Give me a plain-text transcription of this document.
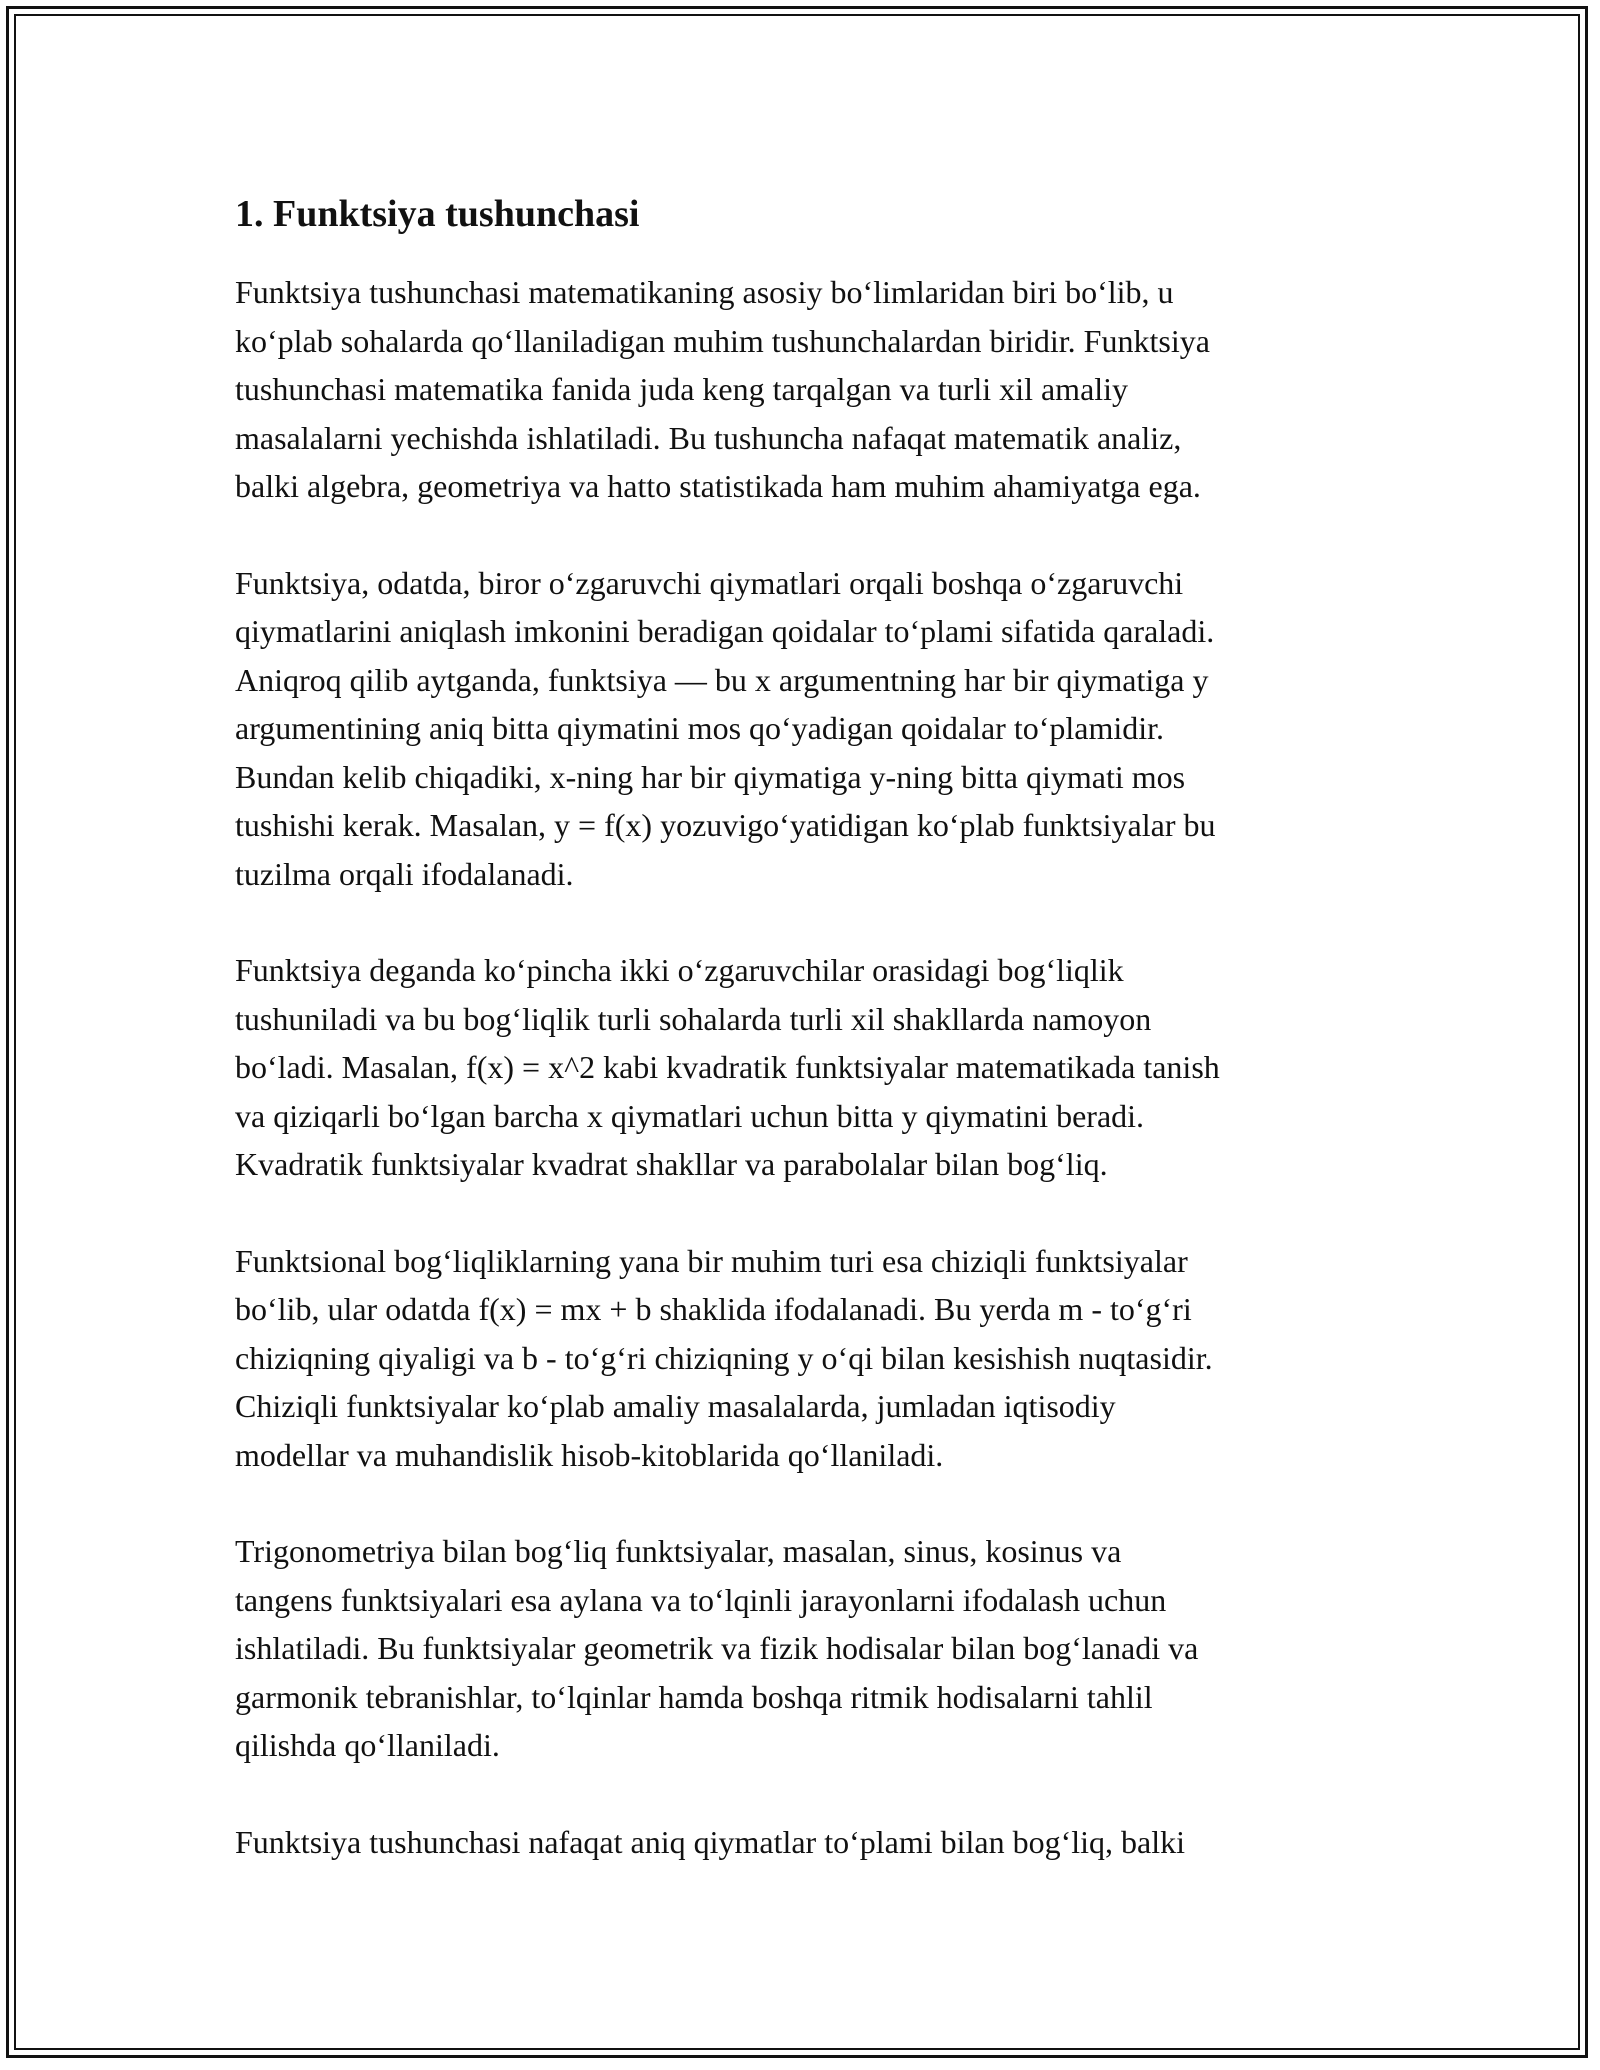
1. Funktsiya tushunchasi

Funktsiya tushunchasi matematikaning asosiy bo‘limlaridan biri bo‘lib, u
ko‘plab sohalarda qo‘llaniladigan muhim tushunchalardan biridir. Funktsiya
tushunchasi matematika fanida juda keng tarqalgan va turli xil amaliy
masalalarni yechishda ishlatiladi. Bu tushuncha nafaqat matematik analiz,
balki algebra, geometriya va hatto statistikada ham muhim ahamiyatga ega.

Funktsiya, odatda, biror o‘zgaruvchi qiymatlari orqali boshqa o‘zgaruvchi
qiymatlarini aniqlash imkonini beradigan qoidalar to‘plami sifatida qaraladi.
Aniqroq qilib aytganda, funktsiya — bu x argumentning har bir qiymatiga y
argumentining aniq bitta qiymatini mos qo‘yadigan qoidalar to‘plamidir.
Bundan kelib chiqadiki, x-ning har bir qiymatiga y-ning bitta qiymati mos
tushishi kerak. Masalan, y = f(x) yozuvigo‘yatidigan ko‘plab funktsiyalar bu
tuzilma orqali ifodalanadi.

Funktsiya deganda ko‘pincha ikki o‘zgaruvchilar orasidagi bog‘liqlik
tushuniladi va bu bog‘liqlik turli sohalarda turli xil shakllarda namoyon
bo‘ladi. Masalan, f(x) = x^2 kabi kvadratik funktsiyalar matematikada tanish
va qiziqarli bo‘lgan barcha x qiymatlari uchun bitta y qiymatini beradi.
Kvadratik funktsiyalar kvadrat shakllar va parabolalar bilan bog‘liq.

Funktsional bog‘liqliklarning yana bir muhim turi esa chiziqli funktsiyalar
bo‘lib, ular odatda f(x) = mx + b shaklida ifodalanadi. Bu yerda m - to‘g‘ri
chiziqning qiyaligi va b - to‘g‘ri chiziqning y o‘qi bilan kesishish nuqtasidir.
Chiziqli funktsiyalar ko‘plab amaliy masalalarda, jumladan iqtisodiy
modellar va muhandislik hisob-kitoblarida qo‘llaniladi.

Trigonometriya bilan bog‘liq funktsiyalar, masalan, sinus, kosinus va
tangens funktsiyalari esa aylana va to‘lqinli jarayonlarni ifodalash uchun
ishlatiladi. Bu funktsiyalar geometrik va fizik hodisalar bilan bog‘lanadi va
garmonik tebranishlar, to‘lqinlar hamda boshqa ritmik hodisalarni tahlil
qilishda qo‘llaniladi.

Funktsiya tushunchasi nafaqat aniq qiymatlar to‘plami bilan bog‘liq, balki
